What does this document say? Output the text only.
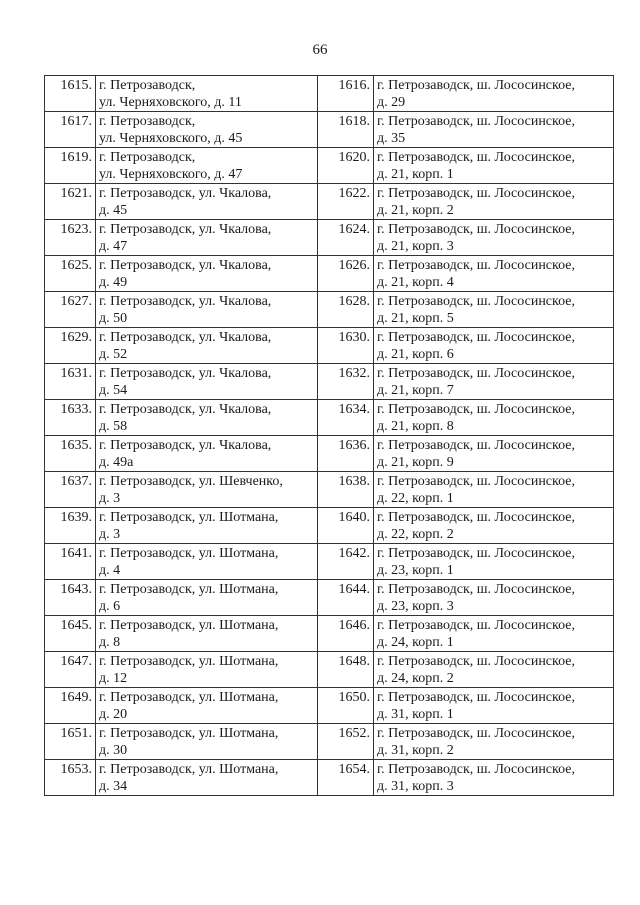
66
1615.	г. Петрозаводск,
ул. Черняховского, д. 11	1616.	г. Петрозаводск, ш. Лососинское,
д. 29

1617.	г. Петрозаводск,
ул. Черняховского, д. 45	1618.	г. Петрозаводск, ш. Лососинское,
д. 35

1619.	г. Петрозаводск,
ул. Черняховского, д. 47	1620.	г. Петрозаводск, ш. Лососинское,
д. 21, корп. 1

1621.	г. Петрозаводск, ул. Чкалова,
д. 45	1622.	г. Петрозаводск, ш. Лососинское,
д. 21, корп. 2

1623.	г. Петрозаводск, ул. Чкалова,
д. 47	1624.	г. Петрозаводск, ш. Лососинское,
д. 21, корп. 3

1625.	г. Петрозаводск, ул. Чкалова,
д. 49	1626.	г. Петрозаводск, ш. Лососинское,
д. 21, корп. 4

1627.	г. Петрозаводск, ул. Чкалова,
д. 50	1628.	г. Петрозаводск, ш. Лососинское,
д. 21, корп. 5

1629.	г. Петрозаводск, ул. Чкалова,
д. 52	1630.	г. Петрозаводск, ш. Лососинское,
д. 21, корп. 6

1631.	г. Петрозаводск, ул. Чкалова,
д. 54	1632.	г. Петрозаводск, ш. Лососинское,
д. 21, корп. 7

1633.	г. Петрозаводск, ул. Чкалова,
д. 58	1634.	г. Петрозаводск, ш. Лососинское,
д. 21, корп. 8

1635.	г. Петрозаводск, ул. Чкалова,
д. 49а	1636.	г. Петрозаводск, ш. Лососинское,
д. 21, корп. 9

1637.	г. Петрозаводск, ул. Шевченко,
д. 3	1638.	г. Петрозаводск, ш. Лососинское,
д. 22, корп. 1

1639.	г. Петрозаводск, ул. Шотмана,
д. 3	1640.	г. Петрозаводск, ш. Лососинское,
д. 22, корп. 2

1641.	г. Петрозаводск, ул. Шотмана,
д. 4	1642.	г. Петрозаводск, ш. Лососинское,
д. 23, корп. 1

1643.	г. Петрозаводск, ул. Шотмана,
д. 6	1644.	г. Петрозаводск, ш. Лососинское,
д. 23, корп. 3

1645.	г. Петрозаводск, ул. Шотмана,
д. 8	1646.	г. Петрозаводск, ш. Лососинское,
д. 24, корп. 1

1647.	г. Петрозаводск, ул. Шотмана,
д. 12	1648.	г. Петрозаводск, ш. Лососинское,
д. 24, корп. 2

1649.	г. Петрозаводск, ул. Шотмана,
д. 20	1650.	г. Петрозаводск, ш. Лососинское,
д. 31, корп. 1

1651.	г. Петрозаводск, ул. Шотмана,
д. 30	1652.	г. Петрозаводск, ш. Лососинское,
д. 31, корп. 2

1653.	г. Петрозаводск, ул. Шотмана,
д. 34	1654.	г. Петрозаводск, ш. Лососинское,
д. 31, корп. 3
